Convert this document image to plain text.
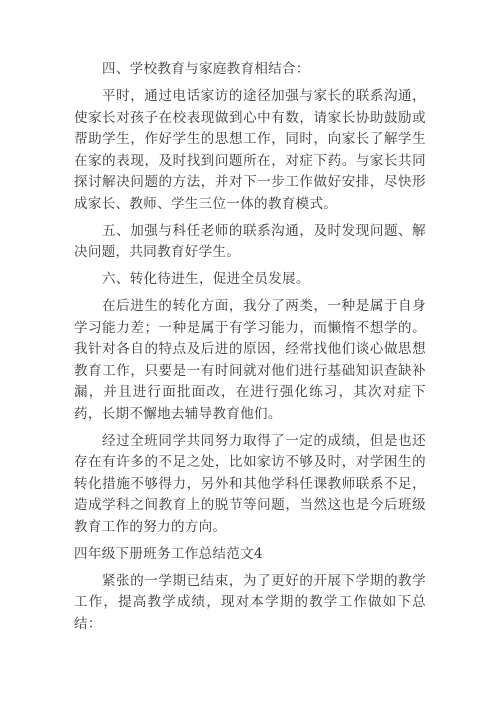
四、学校教育与家庭教育相结合：

平时，通过电话家访的途径加强与家长的联系沟通，使家长对孩子在校表现做到心中有数，请家长协助鼓励或帮助学生，作好学生的思想工作，同时，向家长了解学生在家的表现，及时找到问题所在，对症下药。与家长共同探讨解决问题的方法，并对下一步工作做好安排，尽快形成家长、教师、学生三位一体的教育模式。

五、加强与科任老师的联系沟通，及时发现问题、解决问题，共同教育好学生。

六、转化待进生，促进全员发展。

在后进生的转化方面，我分了两类，一种是属于自身学习能力差；一种是属于有学习能力，而懒惰不想学的。我针对各自的特点及后进的原因，经常找他们谈心做思想教育工作，只要是一有时间就对他们进行基础知识查缺补漏，并且进行面批面改，在进行强化练习，其次对症下药，长期不懈地去辅导教育他们。

经过全班同学共同努力取得了一定的成绩，但是也还存在有许多的不足之处，比如家访不够及时，对学困生的转化措施不够得力，另外和其他学科任课教师联系不足，造成学科之间教育上的脱节等问题，当然这也是今后班级教育工作的努力的方向。

四年级下册班务工作总结范文4

紧张的一学期已结束，为了更好的开展下学期的教学工作，提高教学成绩，现对本学期的教学工作做如下总结：
